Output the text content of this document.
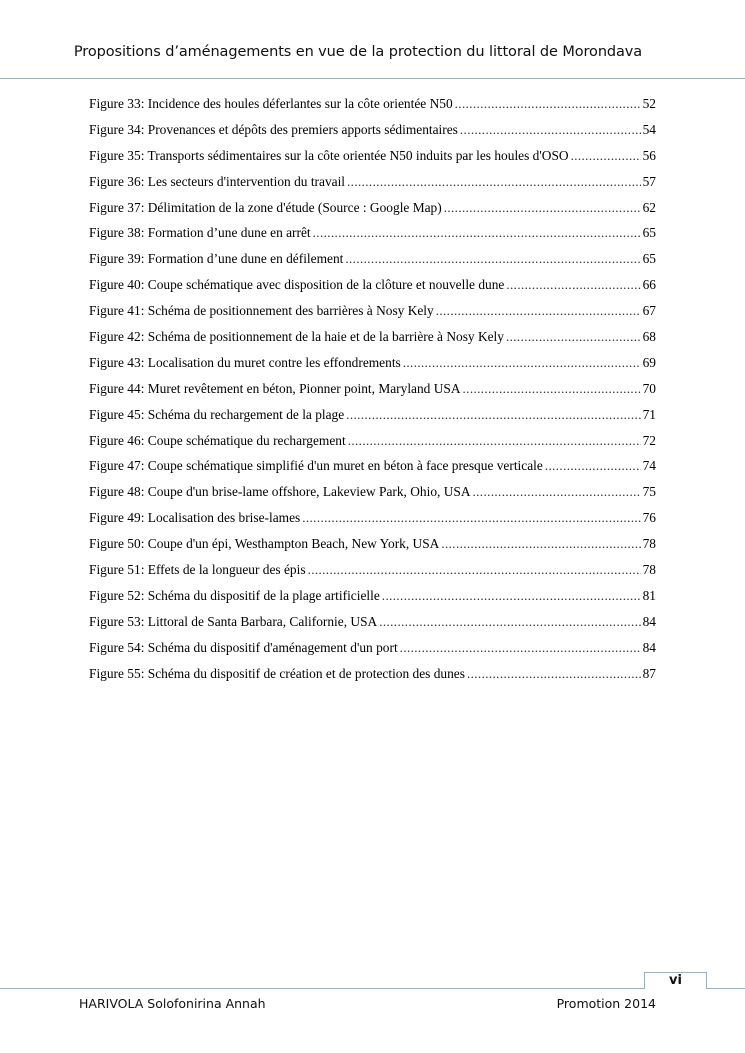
Propositions d’aménagements en vue de la protection du littoral de Morondava
Figure 33: Incidence des houles déferlantes sur la côte orientée N50 .....	52
Figure 34: Provenances et dépôts des premiers apports sédimentaires .....	54
Figure 35: Transports sédimentaires sur la côte orientée N50 induits par les houles d'OSO .....	56
Figure 36: Les secteurs d'intervention du travail .....	57
Figure 37: Délimitation de la zone d'étude (Source : Google Map) .....	62
Figure 38: Formation d’une dune en arrêt .....	65
Figure 39: Formation d’une dune en défilement .....	65
Figure 40: Coupe schématique avec disposition de la clôture et nouvelle dune .....	66
Figure 41: Schéma de positionnement des barrières à Nosy Kely .....	67
Figure 42: Schéma de positionnement de la haie et de la barrière à Nosy Kely .....	68
Figure 43: Localisation du muret contre les effondrements .....	69
Figure 44: Muret revêtement en béton, Pionner point, Maryland USA .....	70
Figure 45: Schéma du rechargement de la plage .....	71
Figure 46: Coupe schématique du rechargement .....	72
Figure 47: Coupe schématique simplifié d'un muret en béton à face presque verticale .....	74
Figure 48: Coupe d'un brise-lame offshore, Lakeview Park, Ohio, USA .....	75
Figure 49: Localisation des brise-lames .....	76
Figure 50: Coupe d'un épi, Westhampton Beach, New York, USA .....	78
Figure 51: Effets de la longueur des épis .....	78
Figure 52: Schéma du dispositif de la plage artificielle .....	81
Figure 53: Littoral de Santa Barbara, Californie, USA .....	84
Figure 54: Schéma du dispositif d'aménagement d'un port .....	84
Figure 55: Schéma du dispositif de création et de protection des dunes .....	87
vi
HARIVOLA Solofonirina Annah	Promotion 2014
